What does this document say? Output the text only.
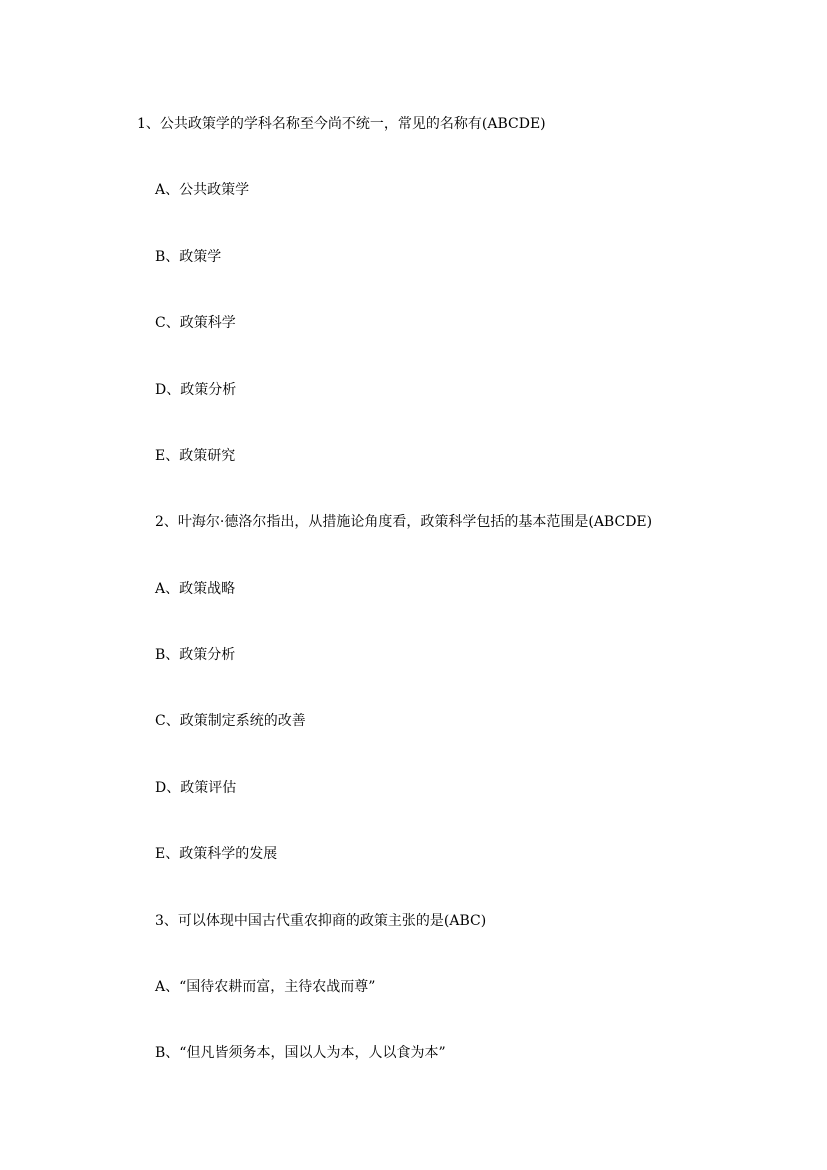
1、公共政策学的学科名称至今尚不统一，常见的名称有(ABCDE)
A、公共政策学
B、政策学
C、政策科学
D、政策分析
E、政策研究
2、叶海尔·德洛尔指出，从措施论角度看，政策科学包括的基本范围是(ABCDE)
A、政策战略
B、政策分析
C、政策制定系统的改善
D、政策评估
E、政策科学的发展
3、可以体现中国古代重农抑商的政策主张的是(ABC)
A、“国待农耕而富，主待农战而尊”
B、“但凡皆须务本，国以人为本，人以食为本”
